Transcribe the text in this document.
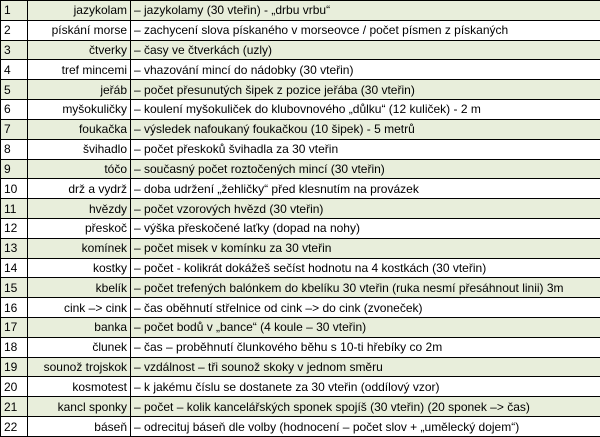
1	jazykolam	– jazykolamy (30 vteřin) - „drbu vrbu“
2	pískání morse	– zachycení slova pískaného v morseovce / počet písmen z pískaných
3	čtverky	– časy ve čtverkách (uzly)
4	tref mincemi	– vhazování mincí do nádobky (30 vteřin)
5	jeřáb	– počet přesunutých šipek z pozice jeřába (30 vteřin)
6	myšokuličky	– koulení myšokuliček do klubovnového „důlku“ (12 kuliček) - 2 m
7	foukačka	– výsledek nafoukaný foukačkou (10 šipek) - 5 metrů
8	švihadlo	– počet přeskoků švihadla za 30 vteřin
9	tóčo	– současný počet roztočených mincí (30 vteřin)
10	drž a vydrž	– doba udržení „žehličky“ před klesnutím na provázek
11	hvězdy	– počet vzorových hvězd (30 vteřin)
12	přeskoč	– výška přeskočené laťky (dopad na nohy)
13	komínek	– počet misek v komínku za 30 vteřin
14	kostky	– počet - kolikrát dokážeš sečíst hodnotu na 4 kostkách (30 vteřin)
15	kbelík	– počet trefených balónkem do kbelíku 30 vteřin (ruka nesmí přesáhnout linii) 3m
16	cink –> cink	– čas oběhnutí střelnice od cink –> do cink (zvoneček)
17	banka	– počet bodů v „bance“ (4 koule – 30 vteřin)
18	člunek	– čas – proběhnutí člunkového běhu s 10-ti hřebíky co 2m
19	sounož trojskok	– vzdálnost – tři sounož skoky v jednom směru
20	kosmotest	– k jakému číslu se dostanete za 30 vteřin (oddílový vzor)
21	kancl sponky	– počet – kolik kancelářských sponek spojíš (30 vteřin) (20 sponek –> čas)
22	báseň	– odrecituj báseň dle volby (hodnocení – počet slov + „umělecký dojem“)
